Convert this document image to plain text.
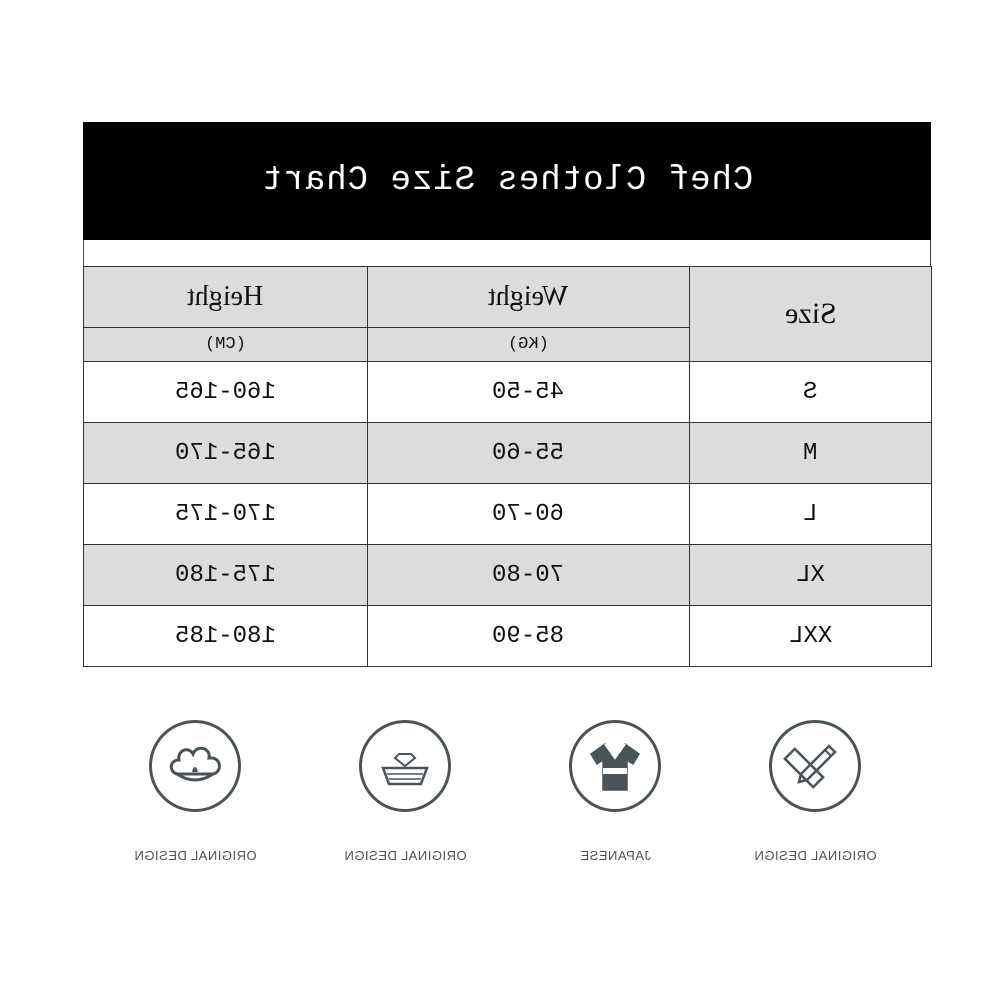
Chef Clothes Size Chart
Height	Weight	Size
(CM)	(KG)	
160-165	45-50	S
165-170	55-60	M
170-175	60-70	L
175-180	70-80	XL
180-185	85-90	XXL
ORIGINAL DESIGN	ORIGINAL DESIGN	JAPANESE	ORIGINAL DESIGN
